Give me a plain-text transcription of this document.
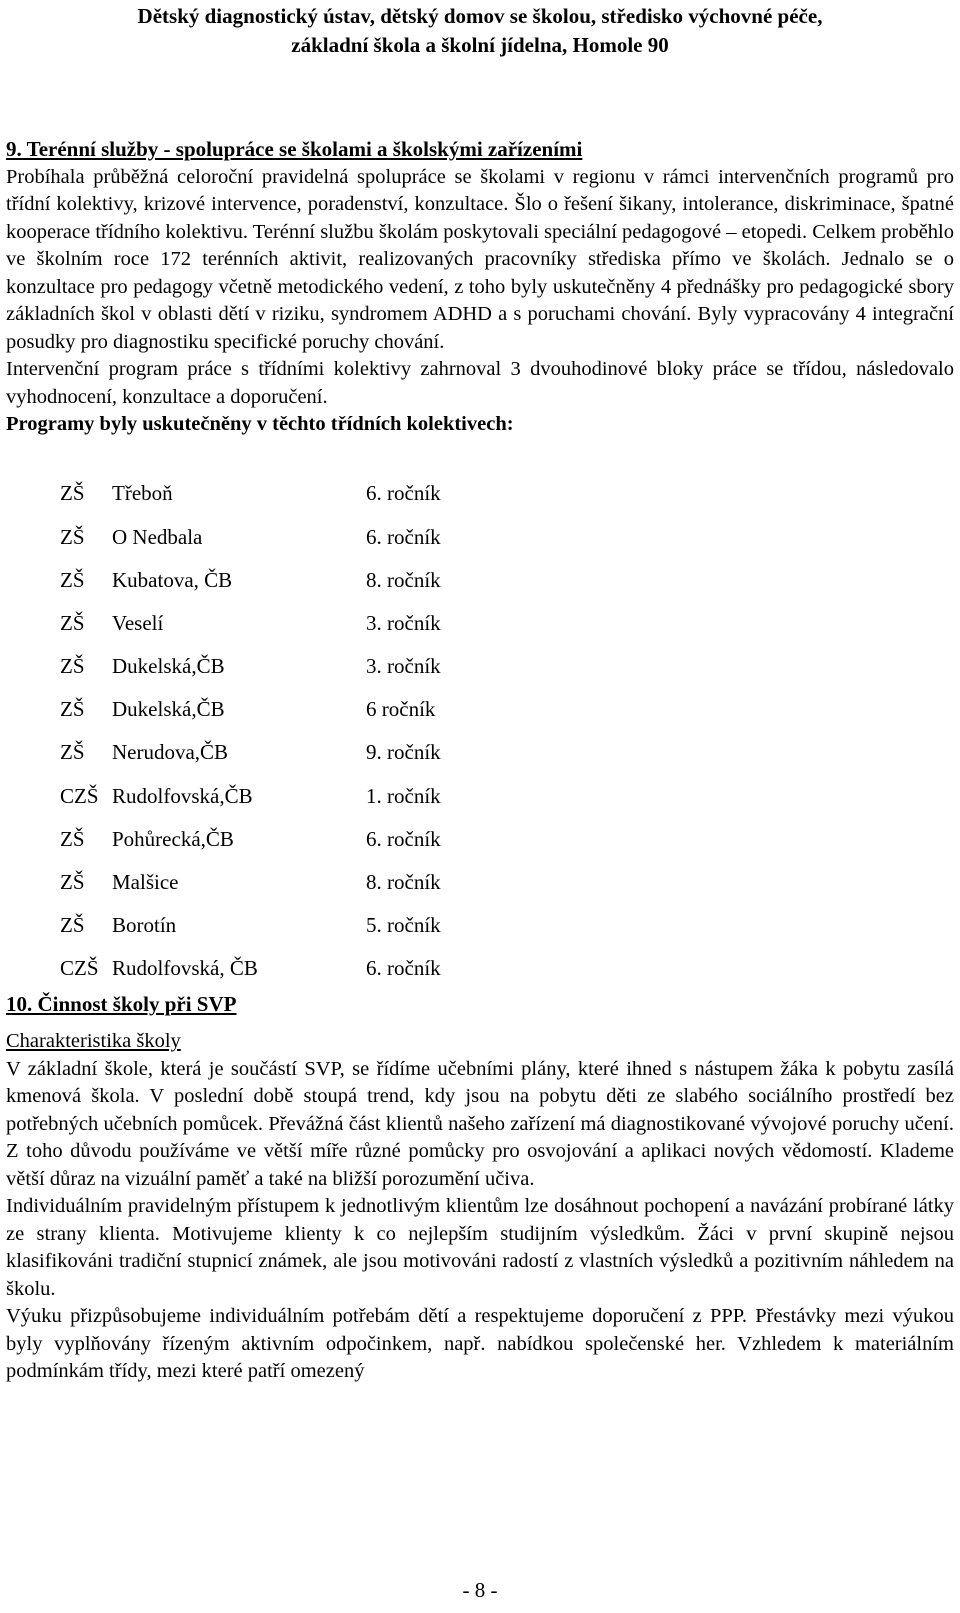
Dětský diagnostický ústav, dětský domov se školou, středisko výchovné péče,
základní škola a školní jídelna, Homole 90
9. Terénní služby - spolupráce se školami a školskými zařízeními

Probíhala průběžná celoroční pravidelná spolupráce se školami v regionu v rámci intervenčních programů pro třídní kolektivy, krizové intervence, poradenství, konzultace. Šlo o řešení šikany, intolerance, diskriminace, špatné kooperace třídního kolektivu. Terénní službu školám poskytovali speciální pedagogové – etopedi. Celkem proběhlo ve školním roce 172 terénních aktivit, realizovaných pracovníky střediska přímo ve školách. Jednalo se o konzultace pro pedagogy včetně metodického vedení, z toho byly uskutečněny 4 přednášky pro pedagogické sbory základních škol v oblasti dětí v riziku, syndromem ADHD a s poruchami chování. Byly vypracovány 4 integrační posudky pro diagnostiku specifické poruchy chování.

Intervenční program práce s třídními kolektivy zahrnoval 3 dvouhodinové bloky práce se třídou, následovalo vyhodnocení, konzultace a doporučení.

Programy byly uskutečněny v těchto třídních kolektivech:

ZŠ	Třeboň	6. ročník
ZŠ	O Nedbala	6. ročník
ZŠ	Kubatova, ČB	8. ročník
ZŠ	Veselí	3. ročník
ZŠ	Dukelská,ČB	3. ročník
ZŠ	Dukelská,ČB	6 ročník
ZŠ	Nerudova,ČB	9. ročník
CZŠ Rudolfovská,ČB	1. ročník
ZŠ	Pohůrecká,ČB	6. ročník
ZŠ	Malšice	8. ročník
ZŠ	Borotín	5. ročník
CZŠ Rudolfovská, ČB	6. ročník
10. Činnost školy při SVP
Charakteristika školy

V základní škole, která je součástí SVP, se řídíme učebními plány, které ihned s nástupem žáka k pobytu zasílá kmenová škola. V poslední době stoupá trend, kdy jsou na pobytu děti ze slabého sociálního prostředí bez potřebných učebních pomůcek. Převážná část klientů našeho zařízení má diagnostikované vývojové poruchy učení. Z toho důvodu používáme ve větší míře různé pomůcky pro osvojování a aplikaci nových vědomostí. Klademe větší důraz na vizuální paměť a také na bližší porozumění učiva.

Individuálním pravidelným přístupem k jednotlivým klientům lze dosáhnout pochopení a navázání probírané látky ze strany klienta. Motivujeme klienty k co nejlepším studijním výsledkům. Žáci v první skupině nejsou klasifikováni tradiční stupnicí známek, ale jsou motivováni radostí z vlastních výsledků a pozitivním náhledem na školu.

Výuku přizpůsobujeme individuálním potřebám dětí a respektujeme doporučení z PPP. Přestávky mezi výukou byly vyplňovány řízeným aktivním odpočinkem, např. nabídkou společenské her. Vzhledem k materiálním podmínkám třídy, mezi které patří omezený

- 8 -
